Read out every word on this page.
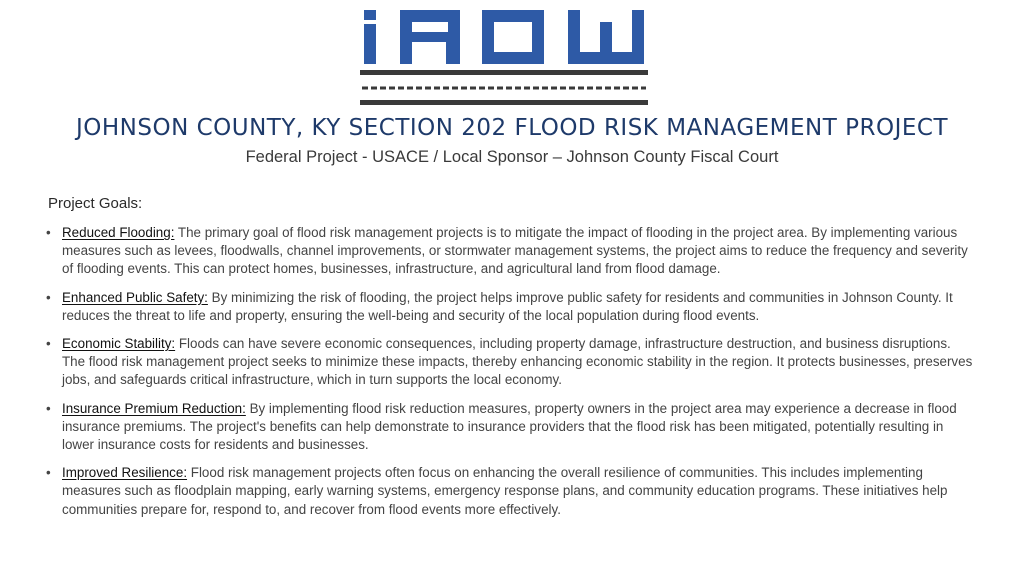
JOHNSON COUNTY, KY SECTION 202 FLOOD RISK MANAGEMENT PROJECT
Federal Project - USACE / Local Sponsor – Johnson County Fiscal Court
Project Goals:
• Reduced Flooding: The primary goal of flood risk management projects is to mitigate the impact of flooding in the project area. By implementing various measures such as levees, floodwalls, channel improvements, or stormwater management systems, the project aims to reduce the frequency and severity of flooding events. This can protect homes, businesses, infrastructure, and agricultural land from flood damage.
• Enhanced Public Safety: By minimizing the risk of flooding, the project helps improve public safety for residents and communities in Johnson County. It reduces the threat to life and property, ensuring the well-being and security of the local population during flood events.
• Economic Stability: Floods can have severe economic consequences, including property damage, infrastructure destruction, and business disruptions. The flood risk management project seeks to minimize these impacts, thereby enhancing economic stability in the region. It protects businesses, preserves jobs, and safeguards critical infrastructure, which in turn supports the local economy.
• Insurance Premium Reduction: By implementing flood risk reduction measures, property owners in the project area may experience a decrease in flood insurance premiums. The project's benefits can help demonstrate to insurance providers that the flood risk has been mitigated, potentially resulting in lower insurance costs for residents and businesses.
• Improved Resilience: Flood risk management projects often focus on enhancing the overall resilience of communities. This includes implementing measures such as floodplain mapping, early warning systems, emergency response plans, and community education programs. These initiatives help communities prepare for, respond to, and recover from flood events more effectively.
